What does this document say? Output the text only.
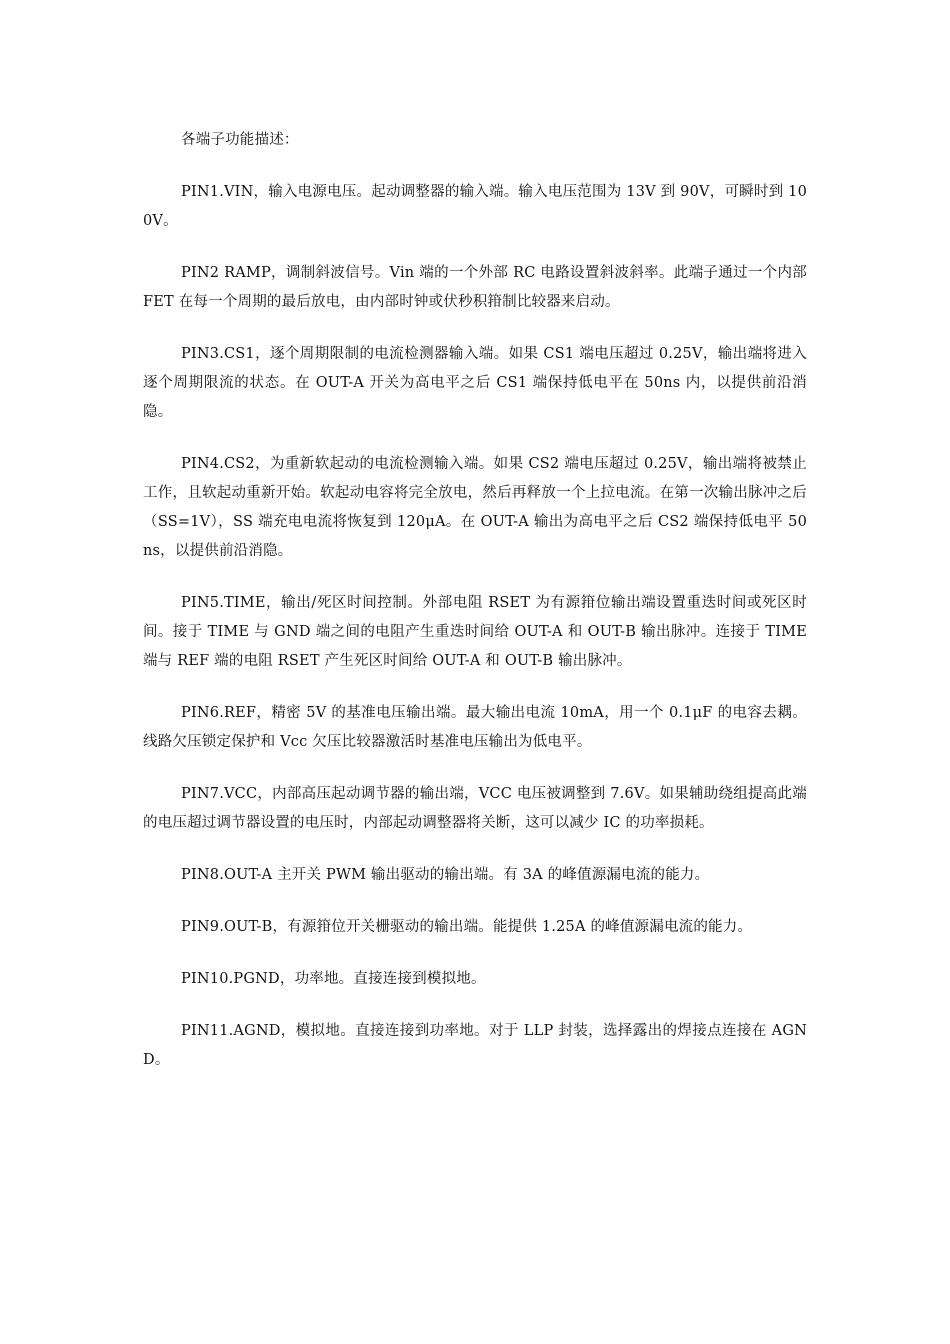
各端子功能描述：

PIN1.VIN，输入电源电压。起动调整器的输入端。输入电压范围为 13V 到 90V，可瞬时到 100V。

PIN2 RAMP，调制斜波信号。Vin 端的一个外部 RC 电路设置斜波斜率。此端子通过一个内部 FET 在每一个周期的最后放电，由内部时钟或伏秒积箝制比较器来启动。

PIN3.CS1，逐个周期限制的电流检测器输入端。如果 CS1 端电压超过 0.25V，输出端将进入逐个周期限流的状态。在 OUT-A 开关为高电平之后 CS1 端保持低电平在 50ns 内，以提供前沿消隐。

PIN4.CS2，为重新软起动的电流检测输入端。如果 CS2 端电压超过 0.25V，输出端将被禁止工作，且软起动重新开始。软起动电容将完全放电，然后再释放一个上拉电流。在第一次输出脉冲之后（SS=1V），SS 端充电电流将恢复到 120μA。在 OUT-A 输出为高电平之后 CS2 端保持低电平 50ns，以提供前沿消隐。

PIN5.TIME，输出/死区时间控制。外部电阻 RSET 为有源箝位输出端设置重迭时间或死区时间。接于 TIME 与 GND 端之间的电阻产生重迭时间给 OUT-A 和 OUT-B 输出脉冲。连接于 TIME 端与 REF 端的电阻 RSET 产生死区时间给 OUT-A 和 OUT-B 输出脉冲。

PIN6.REF，精密 5V 的基准电压输出端。最大输出电流 10mA，用一个 0.1μF 的电容去耦。线路欠压锁定保护和 Vcc 欠压比较器激活时基准电压输出为低电平。

PIN7.VCC，内部高压起动调节器的输出端，VCC 电压被调整到 7.6V。如果辅助绕组提高此端的电压超过调节器设置的电压时，内部起动调整器将关断，这可以减少 IC 的功率损耗。

PIN8.OUT-A 主开关 PWM 输出驱动的输出端。有 3A 的峰值源漏电流的能力。

PIN9.OUT-B，有源箝位开关栅驱动的输出端。能提供 1.25A 的峰值源漏电流的能力。

PIN10.PGND，功率地。直接连接到模拟地。

PIN11.AGND，模拟地。直接连接到功率地。对于 LLP 封装，选择露出的焊接点连接在 AGND。
